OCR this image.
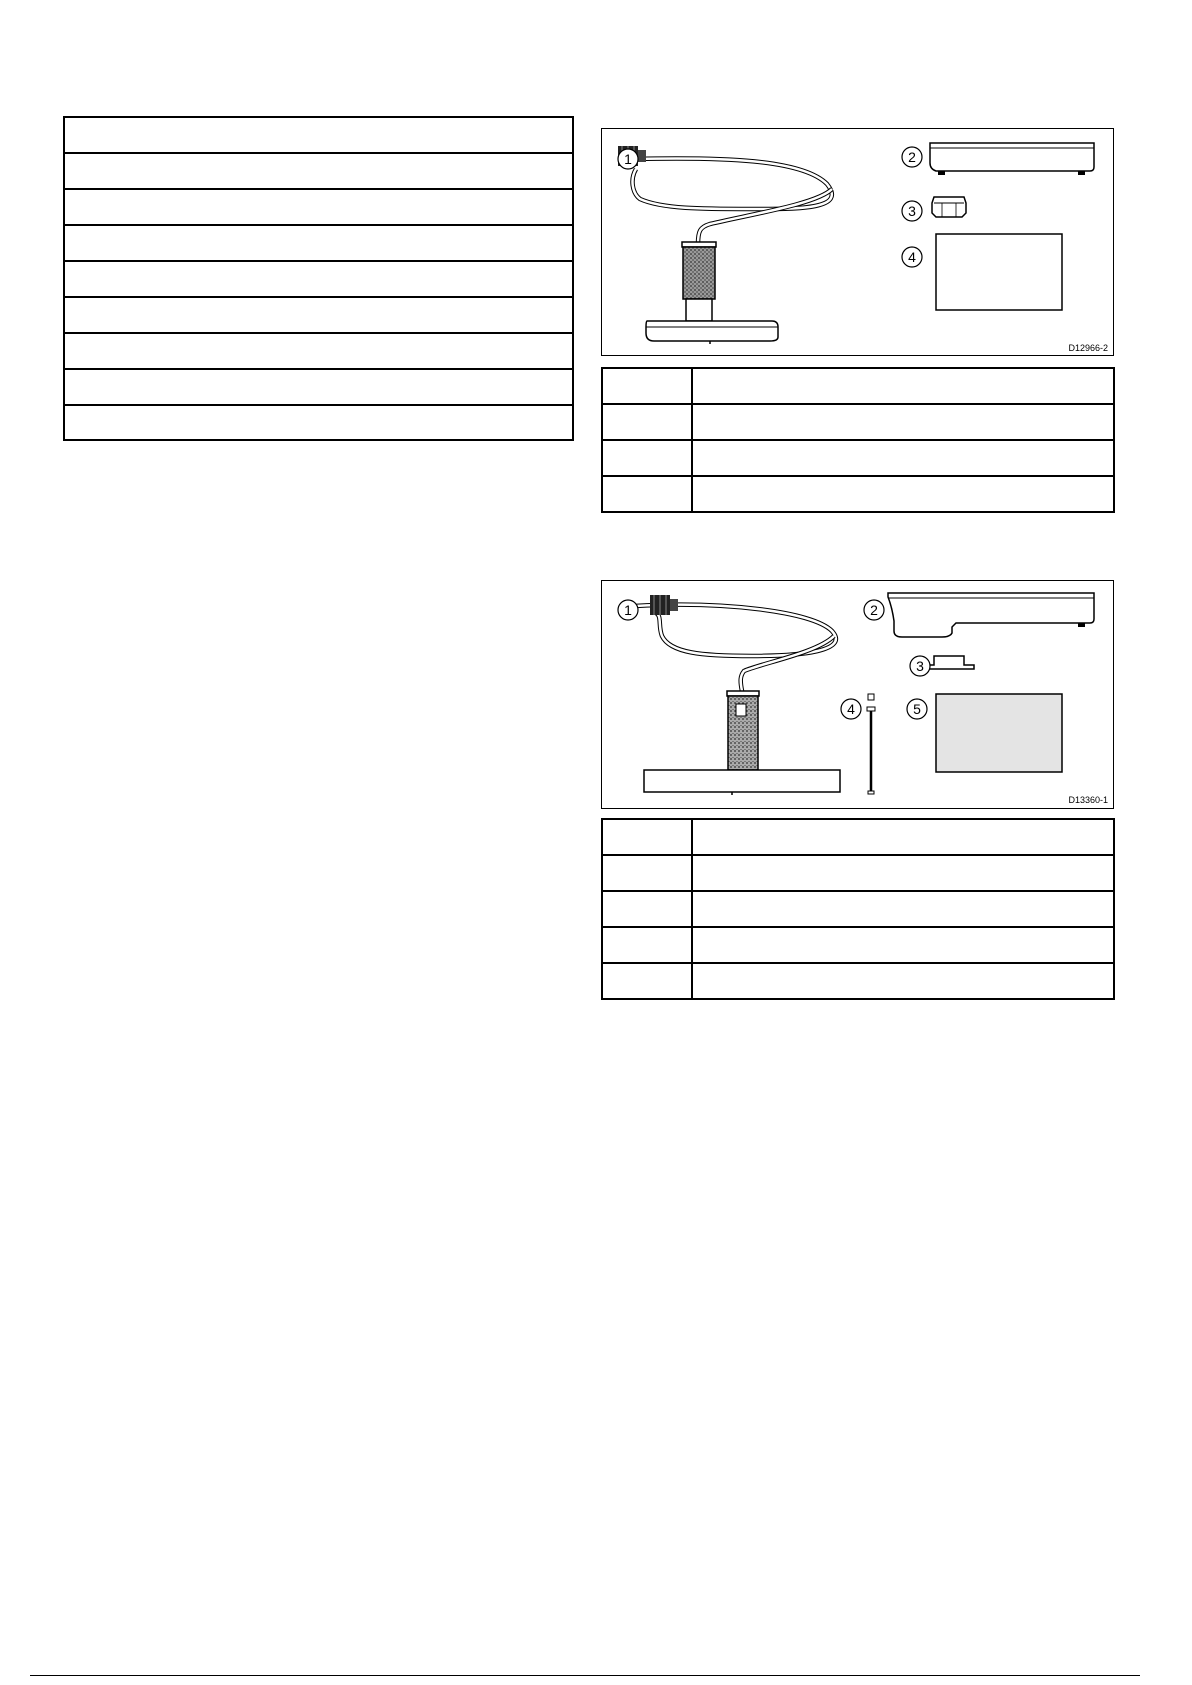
1	2
3
4
D12966-2
1	2
3
4	5
D13360-1
